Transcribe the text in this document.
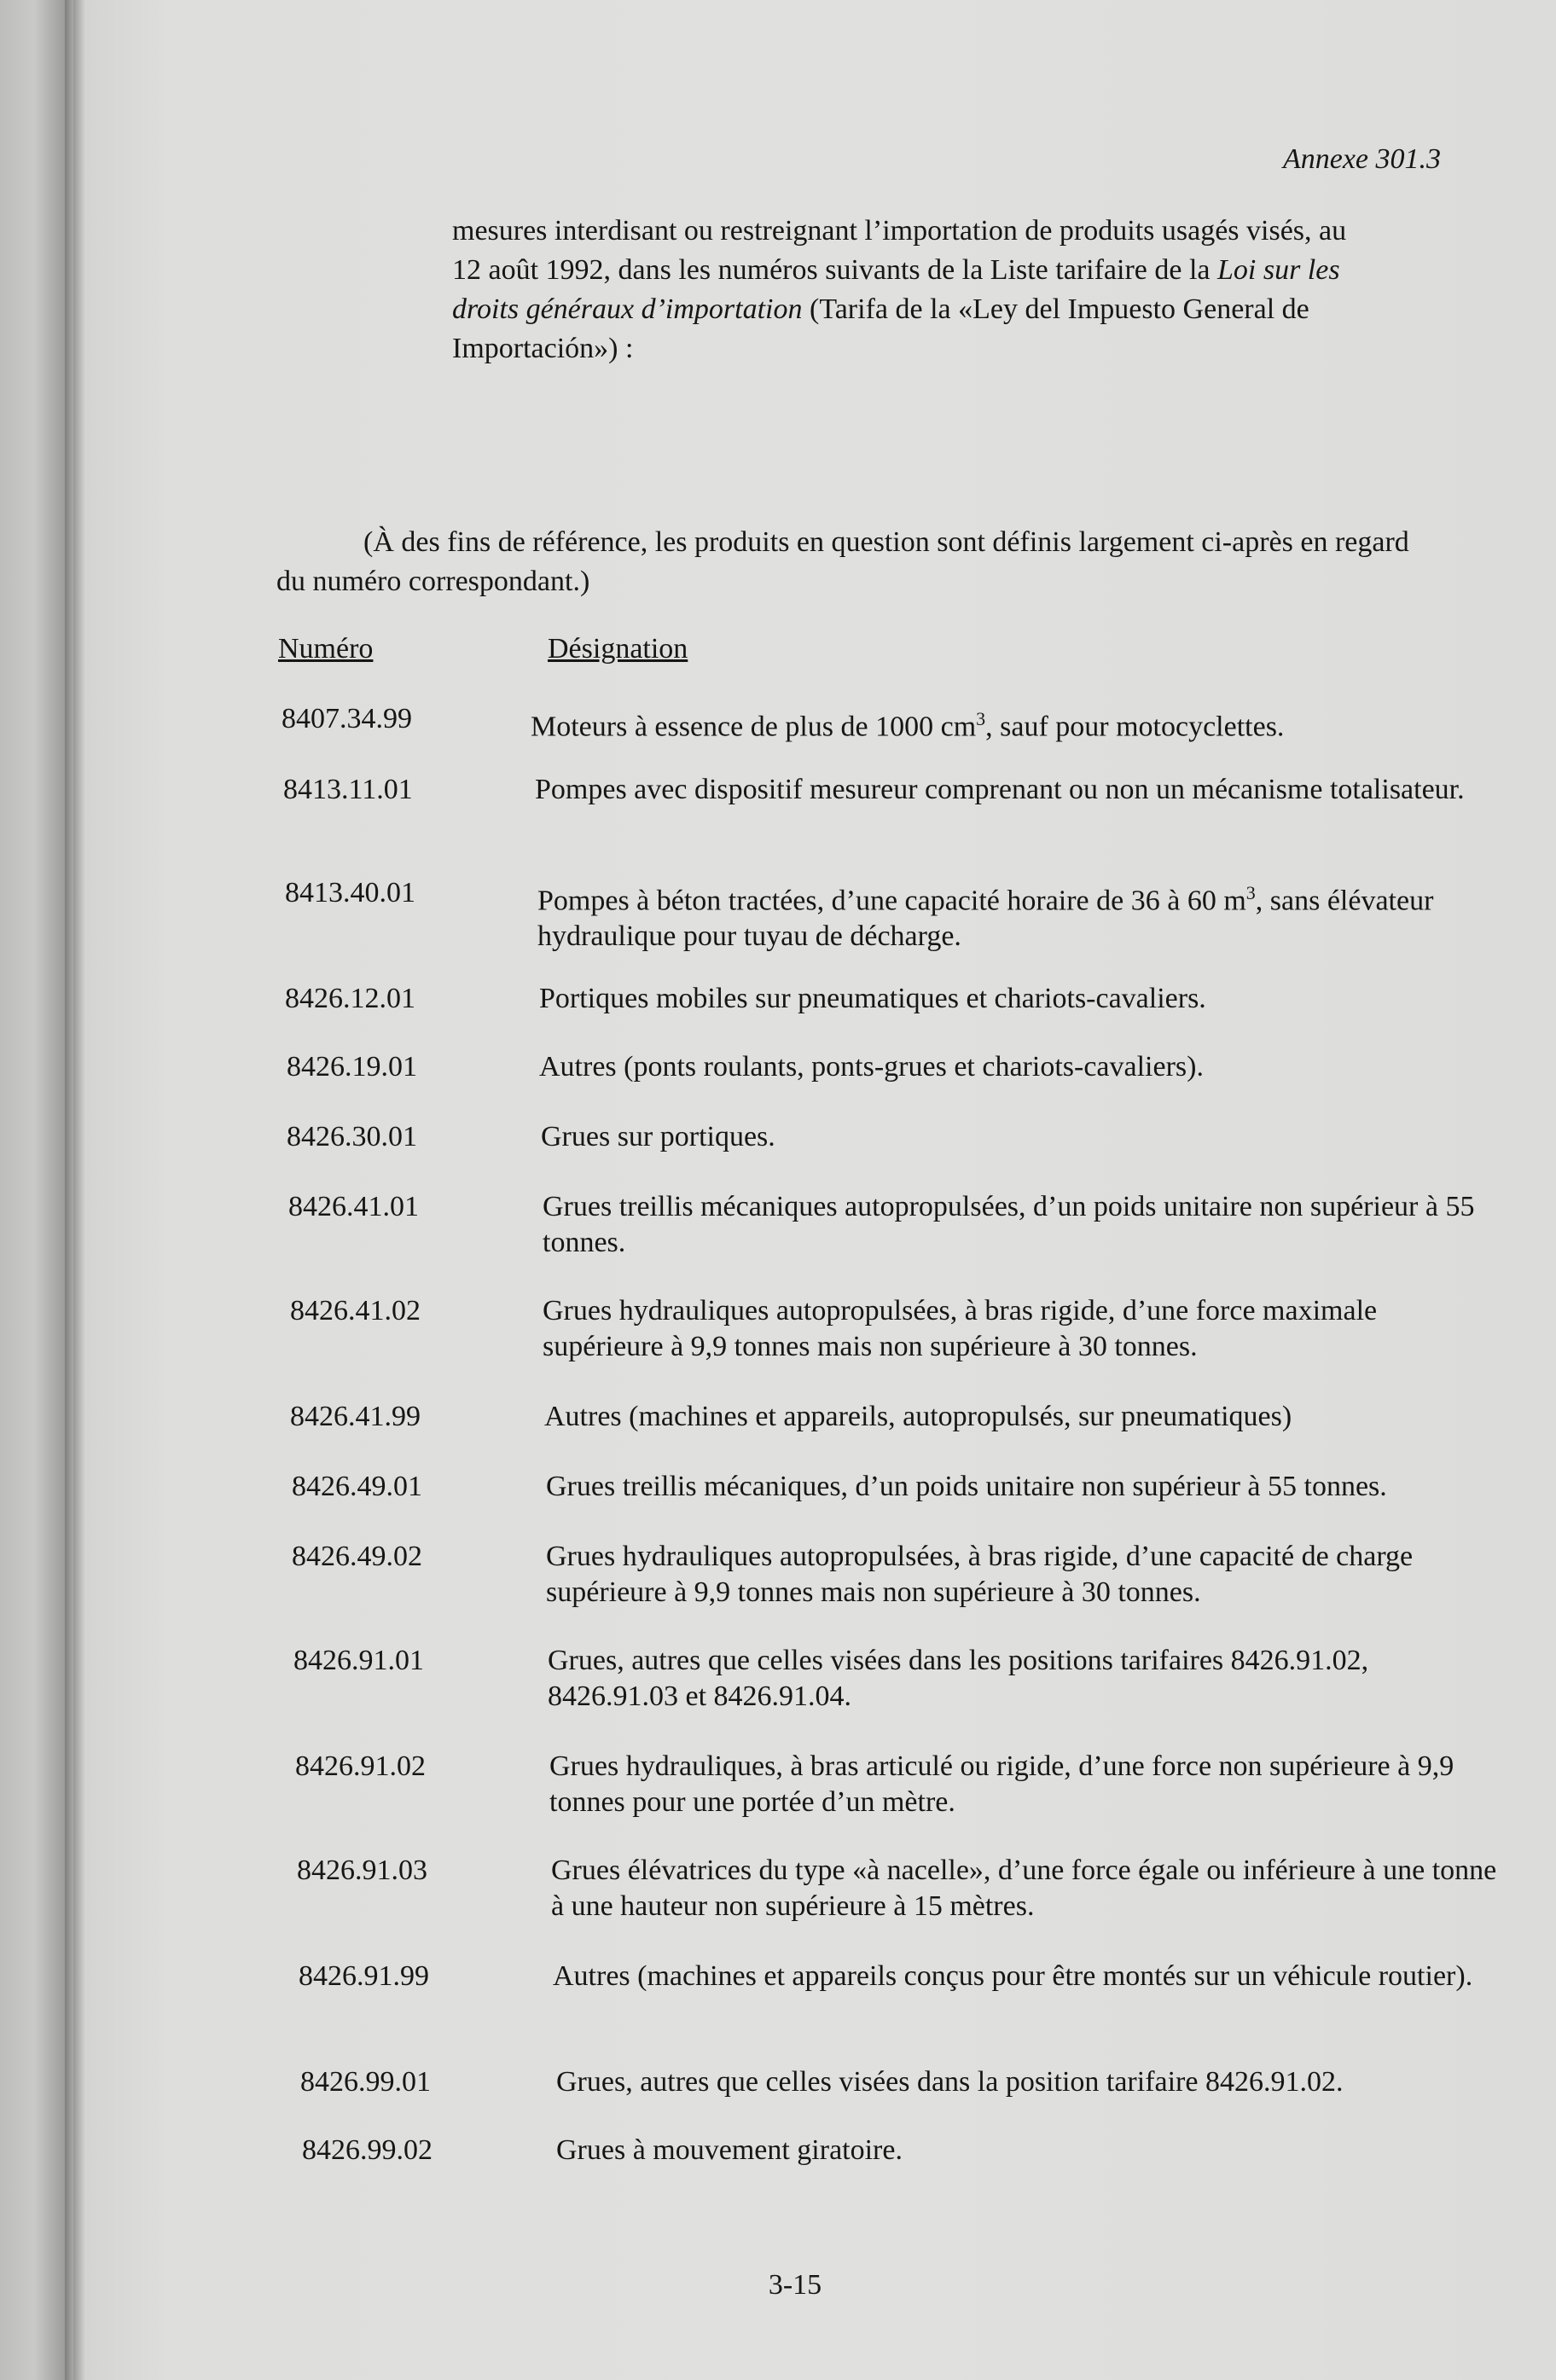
Annexe 301.3
mesures interdisant ou restreignant l’importation de produits usagés visés, au 12 août 1992, dans les numéros suivants de la Liste tarifaire de la Loi sur les droits généraux d’importation (Tarifa de la «Ley del Impuesto General de Importación») :
(À des fins de référence, les produits en question sont définis largement ci-après en regard du numéro correspondant.)
Numéro	Désignation
8407.34.99	Moteurs à essence de plus de 1000 $cm^3$, sauf pour motocyclettes.
8413.11.01	Pompes avec dispositif mesureur comprenant ou non un mécanisme totalisateur.
8413.40.01	Pompes à béton tractées, d’une capacité horaire de 36 à 60 $m^3$, sans élévateur hydraulique pour tuyau de décharge.
8426.12.01	Portiques mobiles sur pneumatiques et chariots-cavaliers.
8426.19.01	Autres (ponts roulants, ponts-grues et chariots-cavaliers).
8426.30.01	Grues sur portiques.
8426.41.01	Grues treillis mécaniques autopropulsées, d’un poids unitaire non supérieur à 55 tonnes.
8426.41.02	Grues hydrauliques autopropulsées, à bras rigide, d’une force maximale supérieure à 9,9 tonnes mais non supérieure à 30 tonnes.
8426.41.99	Autres (machines et appareils, autopropulsés, sur pneumatiques)
8426.49.01	Grues treillis mécaniques, d’un poids unitaire non supérieur à 55 tonnes.
8426.49.02	Grues hydrauliques autopropulsées, à bras rigide, d’une capacité de charge supérieure à 9,9 tonnes mais non supérieure à 30 tonnes.
8426.91.01	Grues, autres que celles visées dans les positions tarifaires 8426.91.02, 8426.91.03 et 8426.91.04.
8426.91.02	Grues hydrauliques, à bras articulé ou rigide, d’une force non supérieure à 9,9 tonnes pour une portée d’un mètre.
8426.91.03	Grues élévatrices du type «à nacelle», d’une force égale ou inférieure à une tonne à une hauteur non supérieure à 15 mètres.
8426.91.99	Autres (machines et appareils conçus pour être montés sur un véhicule routier).
8426.99.01	Grues, autres que celles visées dans la position tarifaire 8426.91.02.
8426.99.02	Grues à mouvement giratoire.
3-15
